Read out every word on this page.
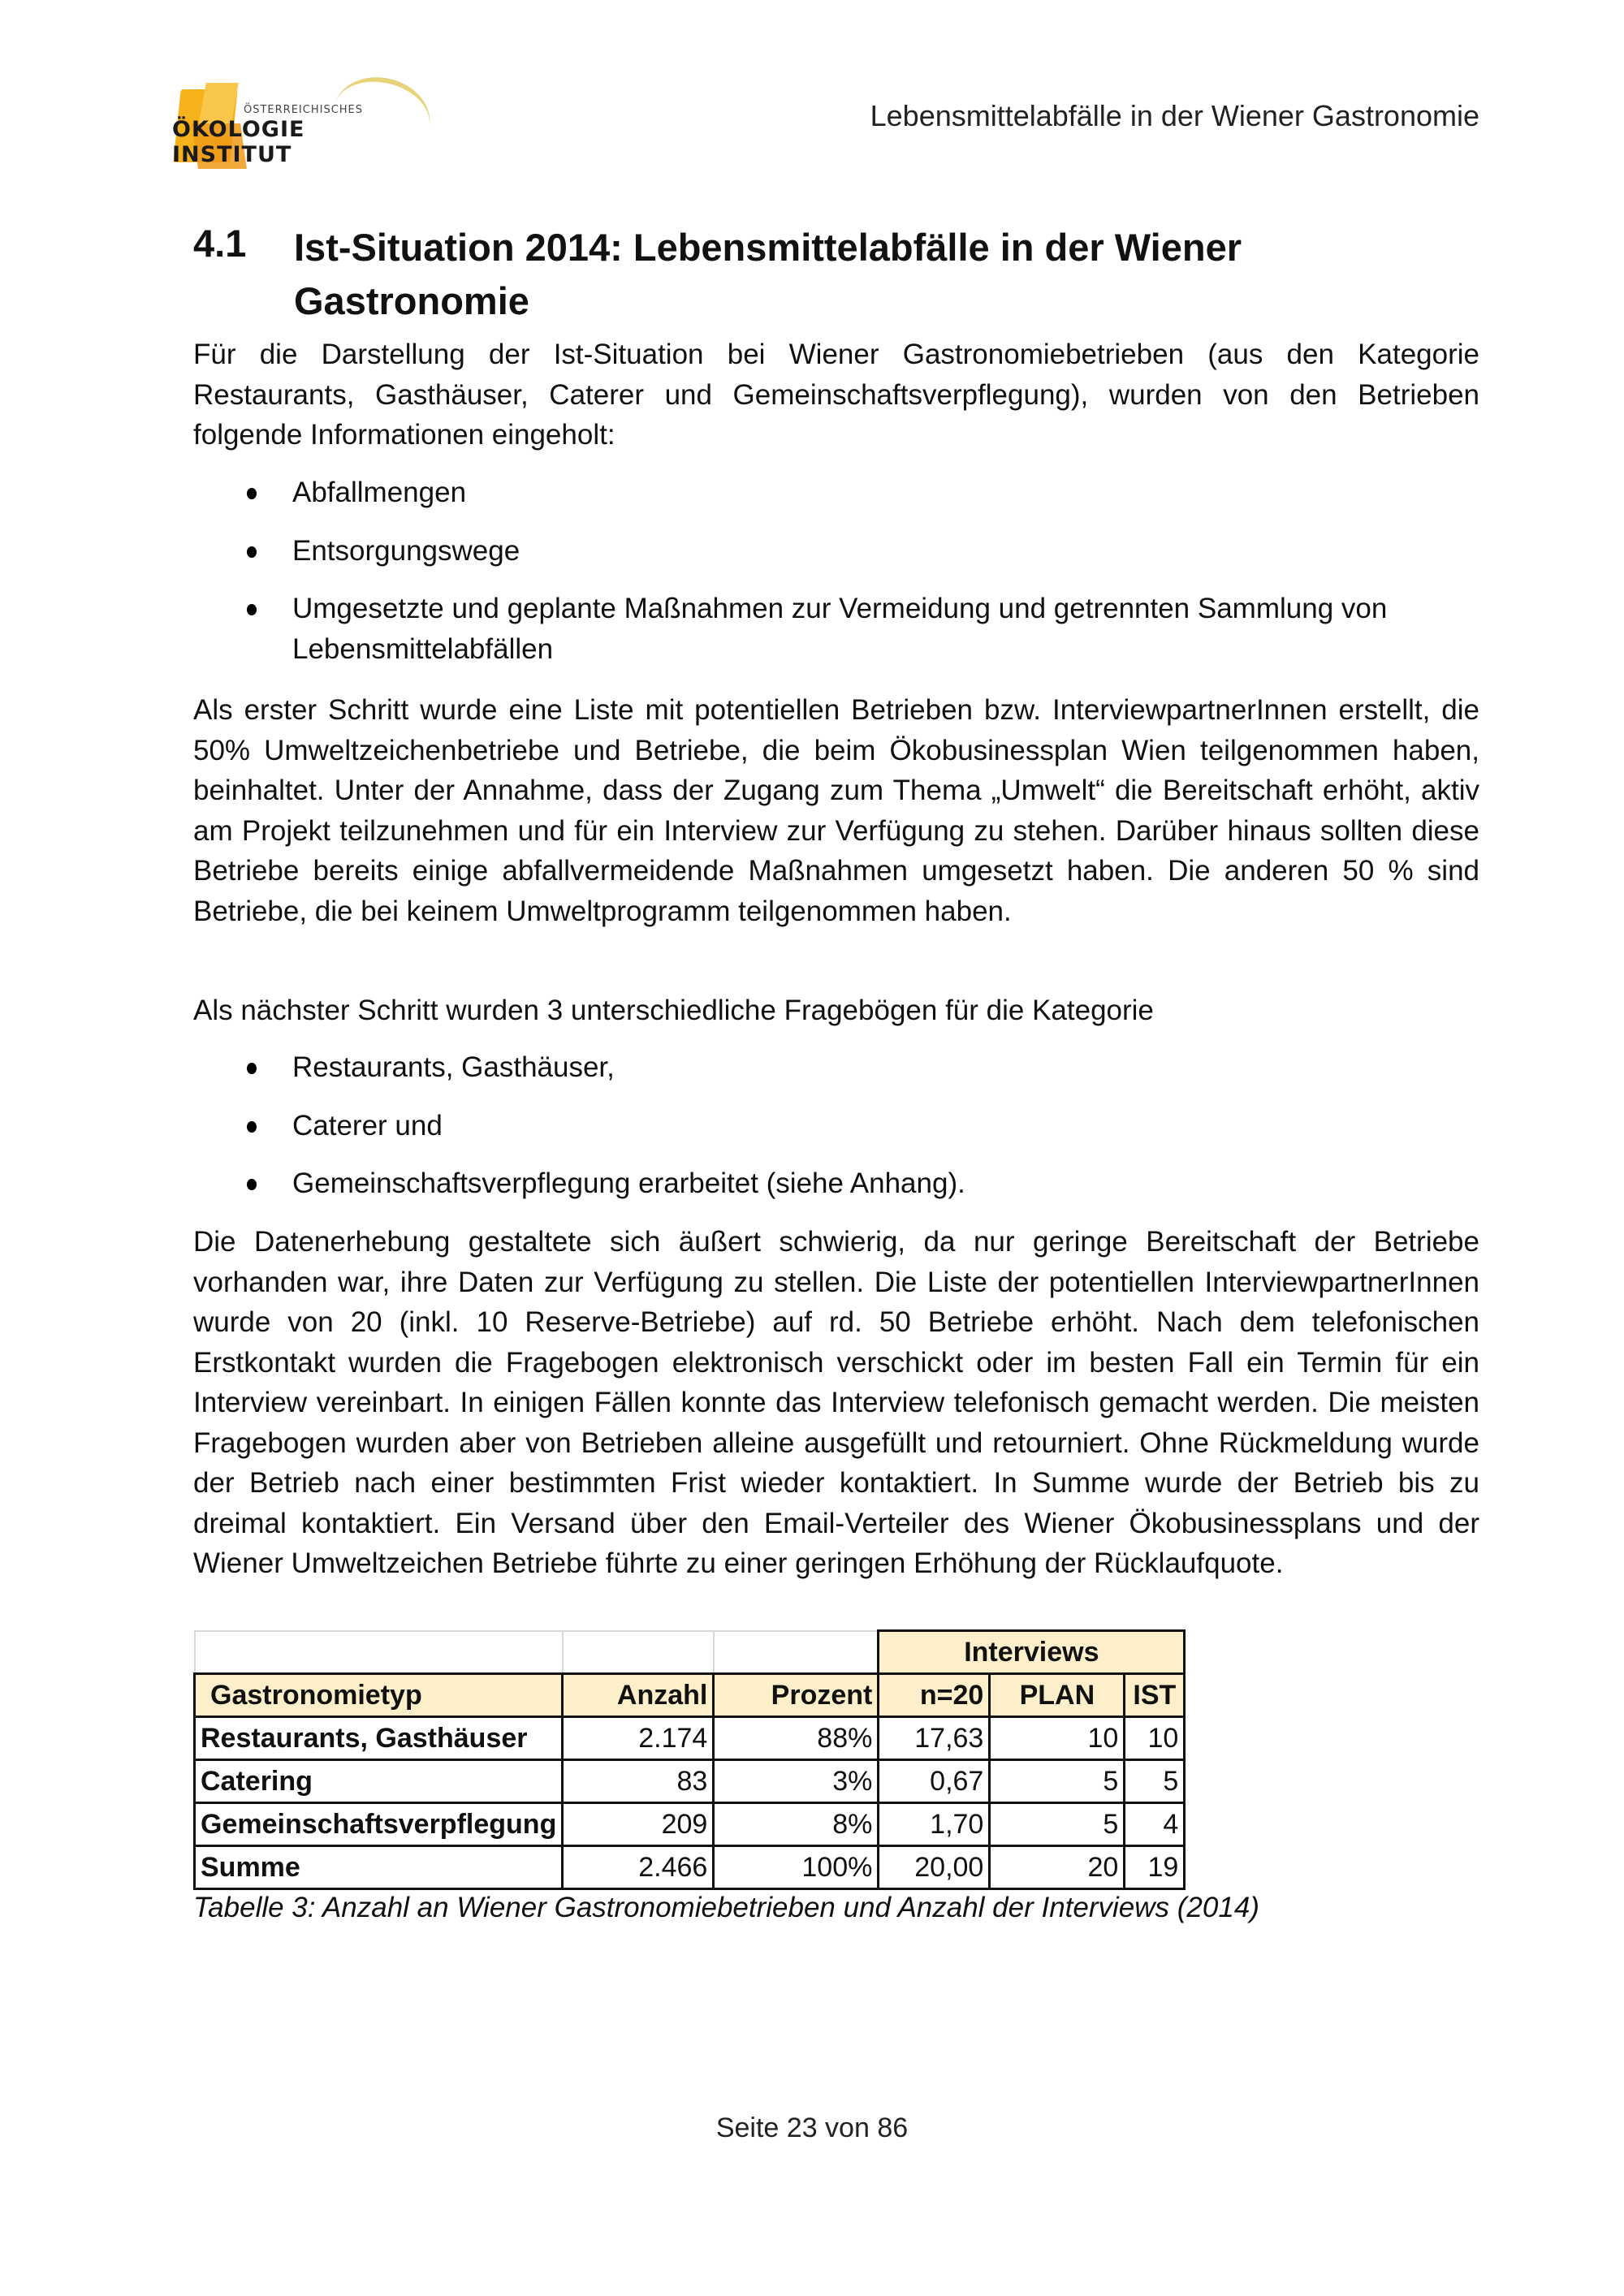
ÖSTERREICHISCHES
ÖKOLOGIE INSTITUT
Lebensmittelabfälle in der Wiener Gastronomie
4.1 Ist-Situation 2014: Lebensmittelabfälle in der Wiener Gastronomie

Für die Darstellung der Ist-Situation bei Wiener Gastronomiebetrieben (aus den Kategorie Restaurants, Gasthäuser, Caterer und Gemeinschaftsverpflegung), wurden von den Betrieben folgende Informationen eingeholt:

Abfallmengen
Entsorgungswege
Umgesetzte und geplante Maßnahmen zur Vermeidung und getrennten Sammlung von Lebensmittelabfällen

Als erster Schritt wurde eine Liste mit potentiellen Betrieben bzw. InterviewpartnerInnen erstellt, die 50% Umweltzeichenbetriebe und Betriebe, die beim Ökobusinessplan Wien teilgenommen haben, beinhaltet. Unter der Annahme, dass der Zugang zum Thema „Umwelt“ die Bereitschaft erhöht, aktiv am Projekt teilzunehmen und für ein Interview zur Verfügung zu stehen. Darüber hinaus sollten diese Betriebe bereits einige abfallvermeidende Maßnahmen umgesetzt haben. Die anderen 50 % sind Betriebe, die bei keinem Umweltprogramm teilgenommen haben.

Als nächster Schritt wurden 3 unterschiedliche Fragebögen für die Kategorie

Restaurants, Gasthäuser,
Caterer und
Gemeinschaftsverpflegung erarbeitet (siehe Anhang).

Die Datenerhebung gestaltete sich äußert schwierig, da nur geringe Bereitschaft der Betriebe vorhanden war, ihre Daten zur Verfügung zu stellen. Die Liste der potentiellen InterviewpartnerInnen wurde von 20 (inkl. 10 Reserve-Betriebe) auf rd. 50 Betriebe erhöht. Nach dem telefonischen Erstkontakt wurden die Fragebogen elektronisch verschickt oder im besten Fall ein Termin für ein Interview vereinbart. In einigen Fällen konnte das Interview telefonisch gemacht werden. Die meisten Fragebogen wurden aber von Betrieben alleine ausgefüllt und retourniert. Ohne Rückmeldung wurde der Betrieb nach einer bestimmten Frist wieder kontaktiert. In Summe wurde der Betrieb bis zu dreimal kontaktiert. Ein Versand über den Email-Verteiler des Wiener Ökobusinessplans und der Wiener Umweltzeichen Betriebe führte zu einer geringen Erhöhung der Rücklaufquote.

			Interviews		
Gastronomietyp	Anzahl	Prozent	n=20	PLAN	IST
Restaurants, Gasthäuser	2.174	88%	17,63	10	10
Catering	83	3%	0,67	5	5
Gemeinschaftsverpflegung	209	8%	1,70	5	4
Summe	2.466	100%	20,00	20	19
Tabelle 3: Anzahl an Wiener Gastronomiebetrieben und Anzahl der Interviews (2014)
Seite 23 von 86
